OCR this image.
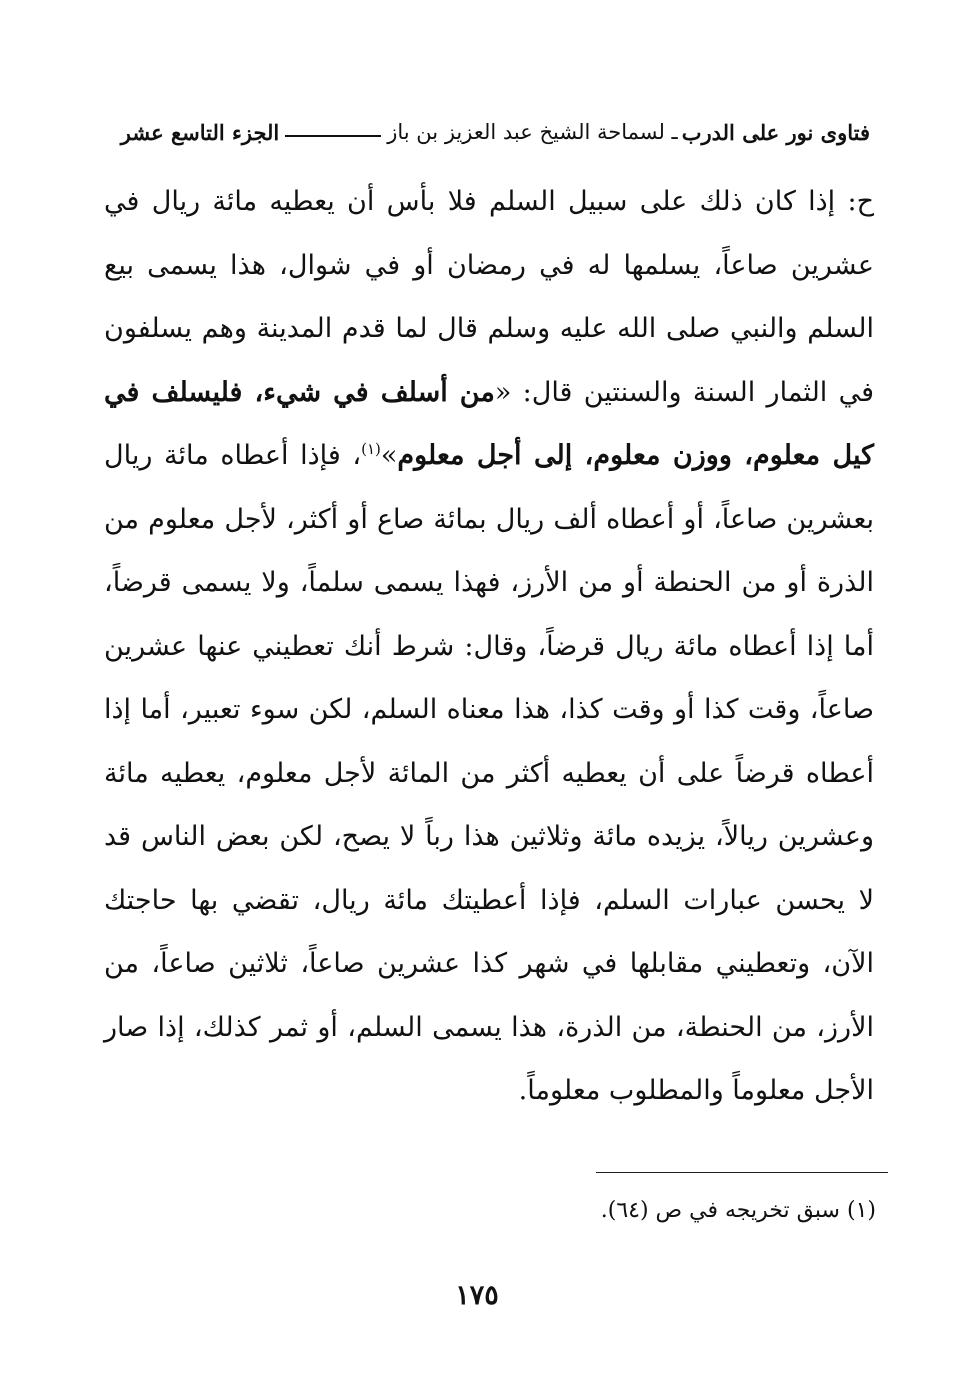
فتاوى نور على الدرب
ـ لسماحة الشيخ عبد العزيز بن باز
الجزء التاسع عشر
ح: إذا كان ذلك على سبيل السلم فلا بأس أن يعطيه مائة ريال في عشرين صاعاً، يسلمها له في رمضان أو في شوال، هذا يسمى بيع السلم والنبي صلى الله عليه وسلم قال لما قدم المدينة وهم يسلفون في الثمار السنة والسنتين قال: «من أسلف في شيء، فليسلف في كيل معلوم، ووزن معلوم، إلى أجل معلوم»$^{(١)}$، فإذا أعطاه مائة ريال بعشرين صاعاً، أو أعطاه ألف ريال بمائة صاع أو أكثر، لأجل معلوم من الذرة أو من الحنطة أو من الأرز، فهذا يسمى سلماً، ولا يسمى قرضاً، أما إذا أعطاه مائة ريال قرضاً، وقال: شرط أنك تعطيني عنها عشرين صاعاً، وقت كذا أو وقت كذا، هذا معناه السلم، لكن سوء تعبير، أما إذا أعطاه قرضاً على أن يعطيه أكثر من المائة لأجل معلوم، يعطيه مائة وعشرين ريالاً، يزيده مائة وثلاثين هذا رباً لا يصح، لكن بعض الناس قد لا يحسن عبارات السلم، فإذا أعطيتك مائة ريال، تقضي بها حاجتك الآن، وتعطيني مقابلها في شهر كذا عشرين صاعاً، ثلاثين صاعاً، من الأرز، من الحنطة، من الذرة، هذا يسمى السلم، أو ثمر كذلك، إذا صار الأجل معلوماً والمطلوب معلوماً.
(١) سبق تخريجه في ص (٦٤).
١٧٥
